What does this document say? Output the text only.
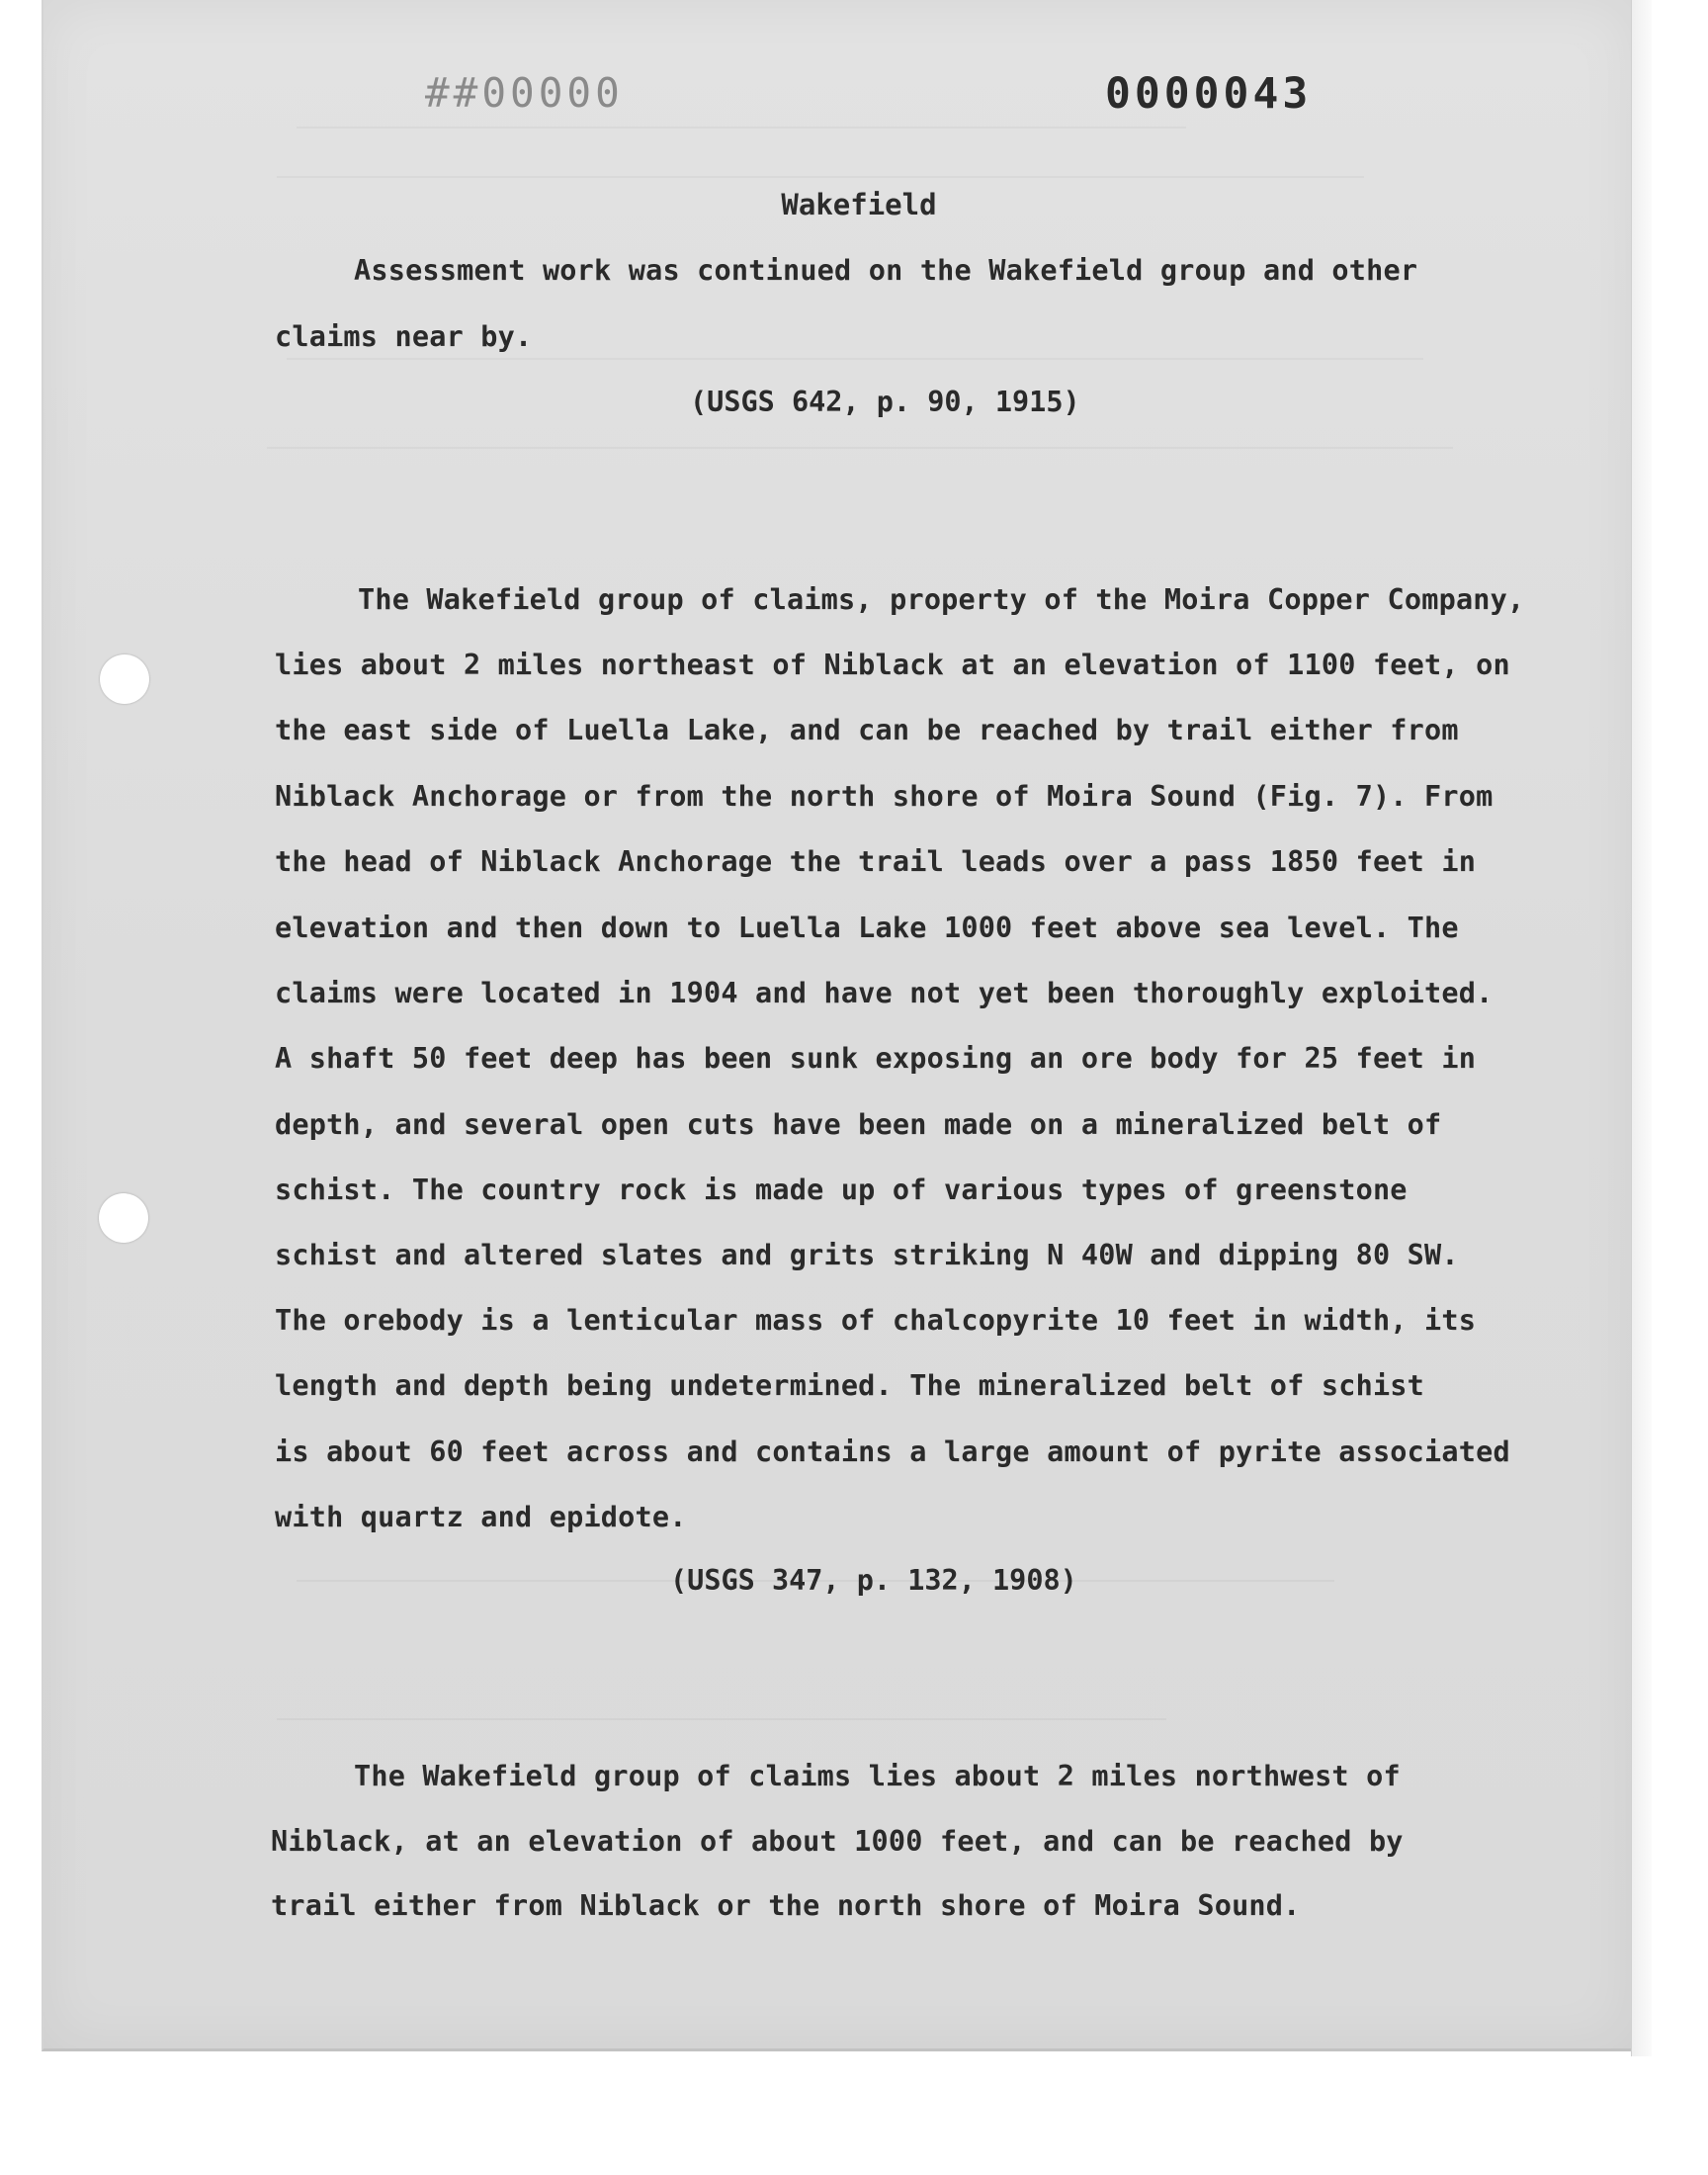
##00000	0000043
Wakefield
Assessment work was continued on the Wakefield group and other
claims near by.
(USGS 642, p. 90, 1915)
The Wakefield group of claims, property of the Moira Copper Company,
lies about 2 miles northeast of Niblack at an elevation of 1100 feet, on
the east side of Luella Lake, and can be reached by trail either from
Niblack Anchorage or from the north shore of Moira Sound (Fig. 7). From
the head of Niblack Anchorage the trail leads over a pass 1850 feet in
elevation and then down to Luella Lake 1000 feet above sea level. The
claims were located in 1904 and have not yet been thoroughly exploited.
A shaft 50 feet deep has been sunk exposing an ore body for 25 feet in
depth, and several open cuts have been made on a mineralized belt of
schist. The country rock is made up of various types of greenstone
schist and altered slates and grits striking N 40W and dipping 80 SW.
The orebody is a lenticular mass of chalcopyrite 10 feet in width, its
length and depth being undetermined. The mineralized belt of schist
is about 60 feet across and contains a large amount of pyrite associated
with quartz and epidote.
(USGS 347, p. 132, 1908)
The Wakefield group of claims lies about 2 miles northwest of
Niblack, at an elevation of about 1000 feet, and can be reached by
trail either from Niblack or the north shore of Moira Sound.
